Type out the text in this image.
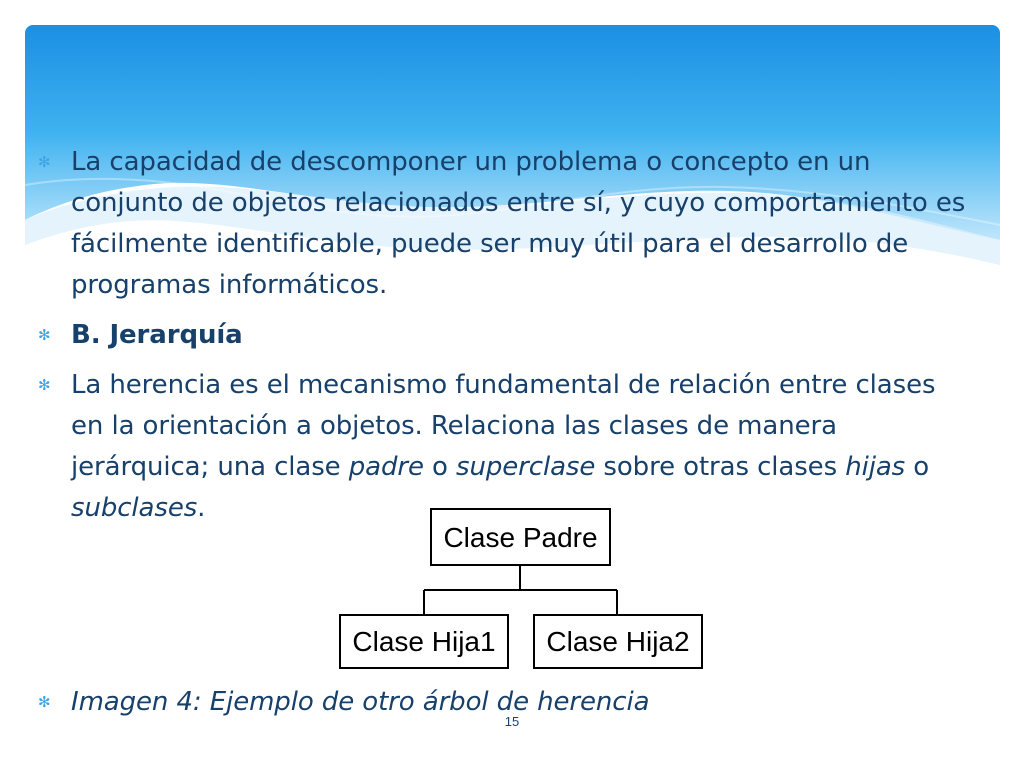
✻ La capacidad de descomponer un problema o concepto en un conjunto de objetos relacionados entre sí, y cuyo comportamiento es fácilmente identificable, puede ser muy útil para el desarrollo de programas informáticos.
✻ B. Jerarquía
✻ La herencia es el mecanismo fundamental de relación entre clases en la orientación a objetos. Relaciona las clases de manera jerárquica; una clase padre o superclase sobre otras clases hijas o subclases.
Clase Padre
Clase Hija1 Clase Hija2
✻ Imagen 4: Ejemplo de otro árbol de herencia
15
